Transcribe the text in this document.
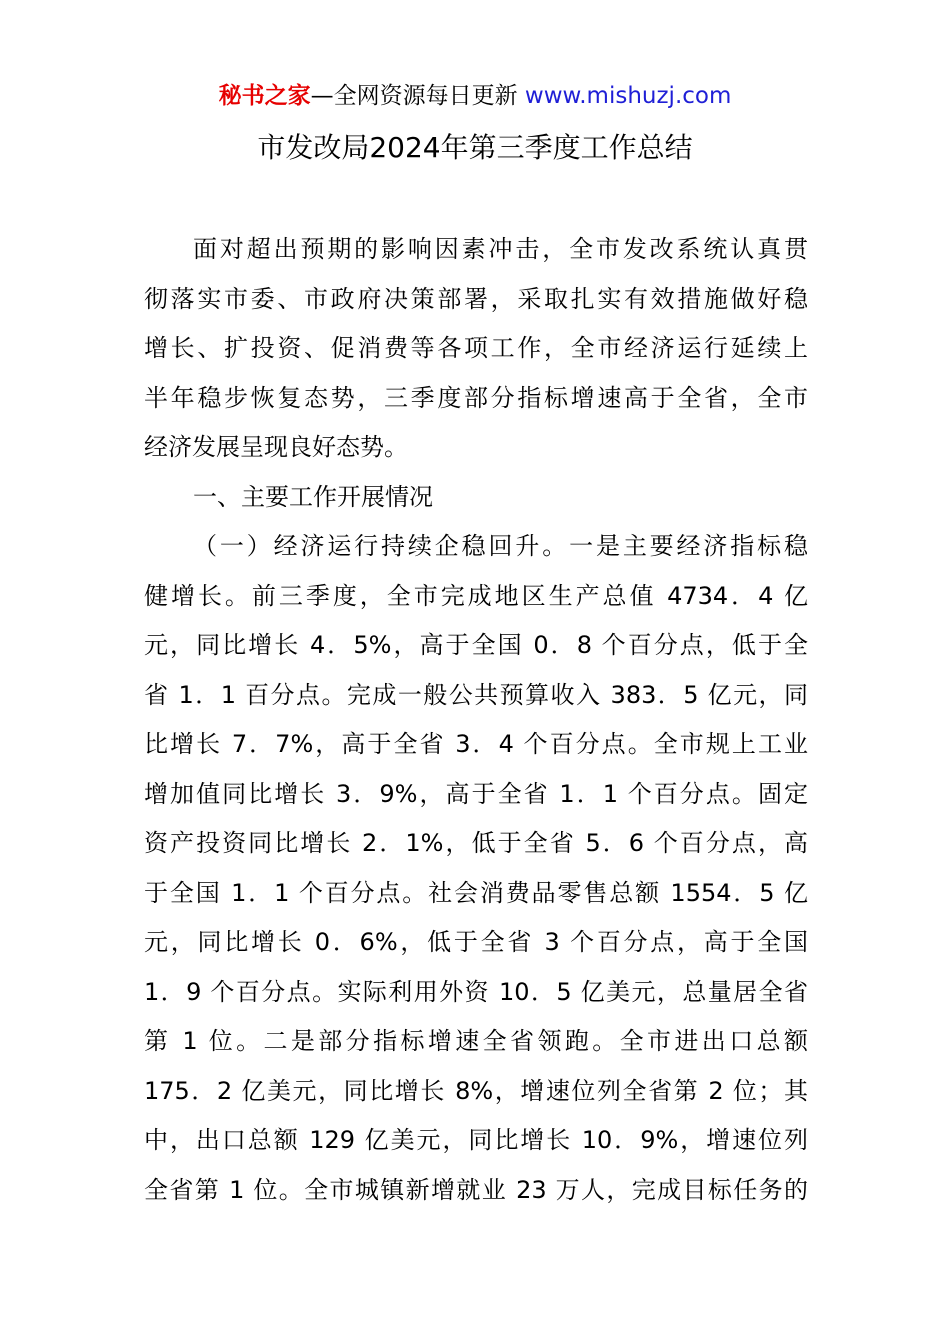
秘书之家—全网资源每日更新 www.mishuzj.com
市发改局2024年第三季度工作总结
面对超出预期的影响因素冲击，全市发改系统认真贯
彻落实市委、市政府决策部署，采取扎实有效措施做好稳
增长、扩投资、促消费等各项工作，全市经济运行延续上
半年稳步恢复态势，三季度部分指标增速高于全省，全市
经济发展呈现良好态势。
一、主要工作开展情况
（一）经济运行持续企稳回升。一是主要经济指标稳
健增长。前三季度，全市完成地区生产总值 4734．4 亿
元，同比增长 4．5%，高于全国 0．8 个百分点，低于全
省 1．1 百分点。完成一般公共预算收入 383．5 亿元，同
比增长 7．7%，高于全省 3．4 个百分点。全市规上工业
增加值同比增长 3．9%，高于全省 1．1 个百分点。固定
资产投资同比增长 2．1%，低于全省 5．6 个百分点，高
于全国 1．1 个百分点。社会消费品零售总额 1554．5 亿
元，同比增长 0．6%，低于全省 3 个百分点，高于全国
1．9 个百分点。实际利用外资 10．5 亿美元，总量居全省
第 1 位。二是部分指标增速全省领跑。全市进出口总额
175．2 亿美元，同比增长 8%，增速位列全省第 2 位；其
中，出口总额 129 亿美元，同比增长 10．9%，增速位列
全省第 1 位。全市城镇新增就业 23 万人，完成目标任务的
